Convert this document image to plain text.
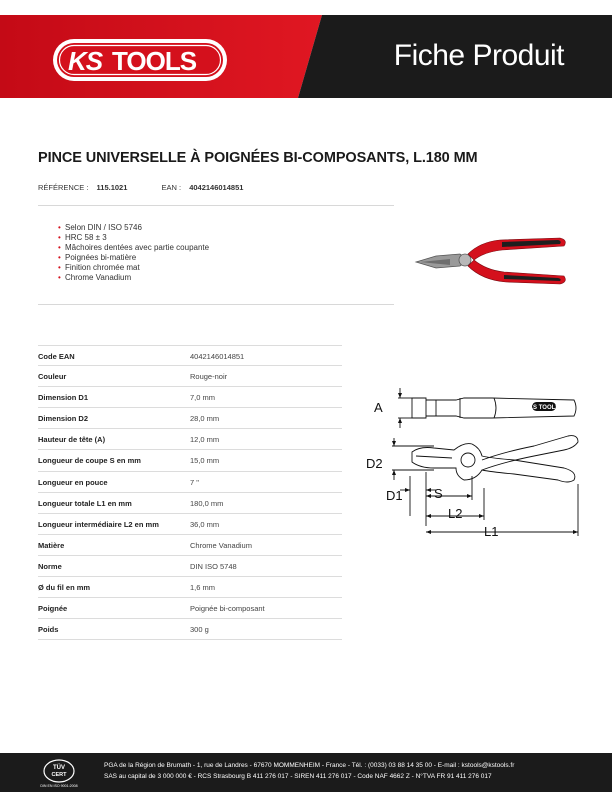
KS TOOLS	Fiche Produit
PINCE UNIVERSELLE À POIGNÉES BI-COMPOSANTS, L.180 MM
RÉFÉRENCE : 115.1021	EAN : 4042146014851
• Selon DIN / ISO 5746
• HRC 58 ± 3
• Mâchoires dentées avec partie coupante
• Poignées bi-matière
• Finition chromée mat
• Chrome Vanadium
Code EAN	4042146014851
Couleur	Rouge-noir
Dimension D1	7,0 mm
Dimension D2	28,0 mm
Hauteur de tête (A)	12,0 mm
Longueur de coupe S en mm	15,0 mm
Longueur en pouce	7 "
Longueur totale L1 en mm	180,0 mm
Longueur intermédiaire L2 en mm	36,0 mm
Matière	Chrome Vanadium
Norme	DIN ISO 5748
Ø du fil en mm	1,6 mm
Poignée	Poignée bi-composant
Poids	300 g
KS TOOLS
A
D2
D1 S
L2
L1
TÜV
CERT
DIN EN ISO 9001:2008
PGA de la Région de Brumath - 1, rue de Landres - 67670 MOMMENHEIM - France - Tél. : (0033) 03 88 14 35 00 - E-mail : kstools@kstools.fr
SAS au capital de 3 000 000 € - RCS Strasbourg B 411 276 017 - SIREN 411 276 017 - Code NAF 4662 Z - N°TVA FR 91 411 276 017
